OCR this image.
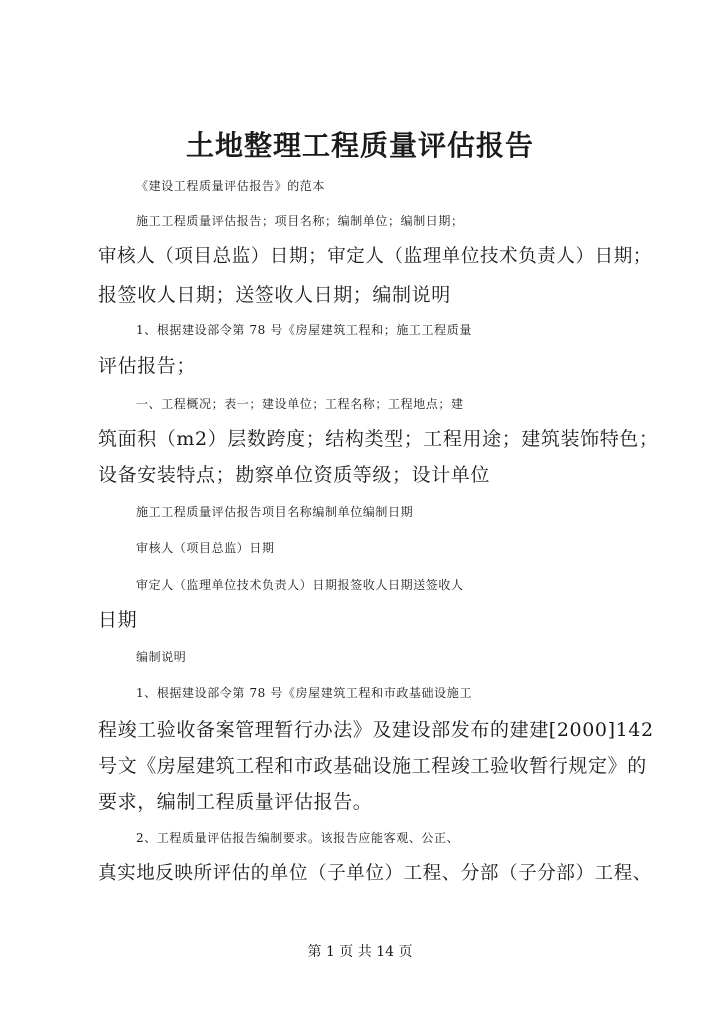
土地整理工程质量评估报告
《建设工程质量评估报告》的范本
施工工程质量评估报告；项目名称；编制单位；编制日期；
审核人（项目总监）日期；审定人（监理单位技术负责人）日期；
报签收人日期；送签收人日期；编制说明
1、根据建设部令第 78 号《房屋建筑工程和；施工工程质量
评估报告；
一、工程概况；表一；建设单位；工程名称；工程地点；建
筑面积（m2）层数跨度；结构类型；工程用途；建筑装饰特色；
设备安装特点；勘察单位资质等级；设计单位
施工工程质量评估报告项目名称编制单位编制日期
审核人（项目总监）日期
审定人（监理单位技术负责人）日期报签收人日期送签收人
日期
编制说明
1、根据建设部令第 78 号《房屋建筑工程和市政基础设施工
程竣工验收备案管理暂行办法》及建设部发布的建建[2000]142
号文《房屋建筑工程和市政基础设施工程竣工验收暂行规定》的
要求，编制工程质量评估报告。
2、工程质量评估报告编制要求。该报告应能客观、公正、
真实地反映所评估的单位（子单位）工程、分部（子分部）工程、
第 1 页 共 14 页
